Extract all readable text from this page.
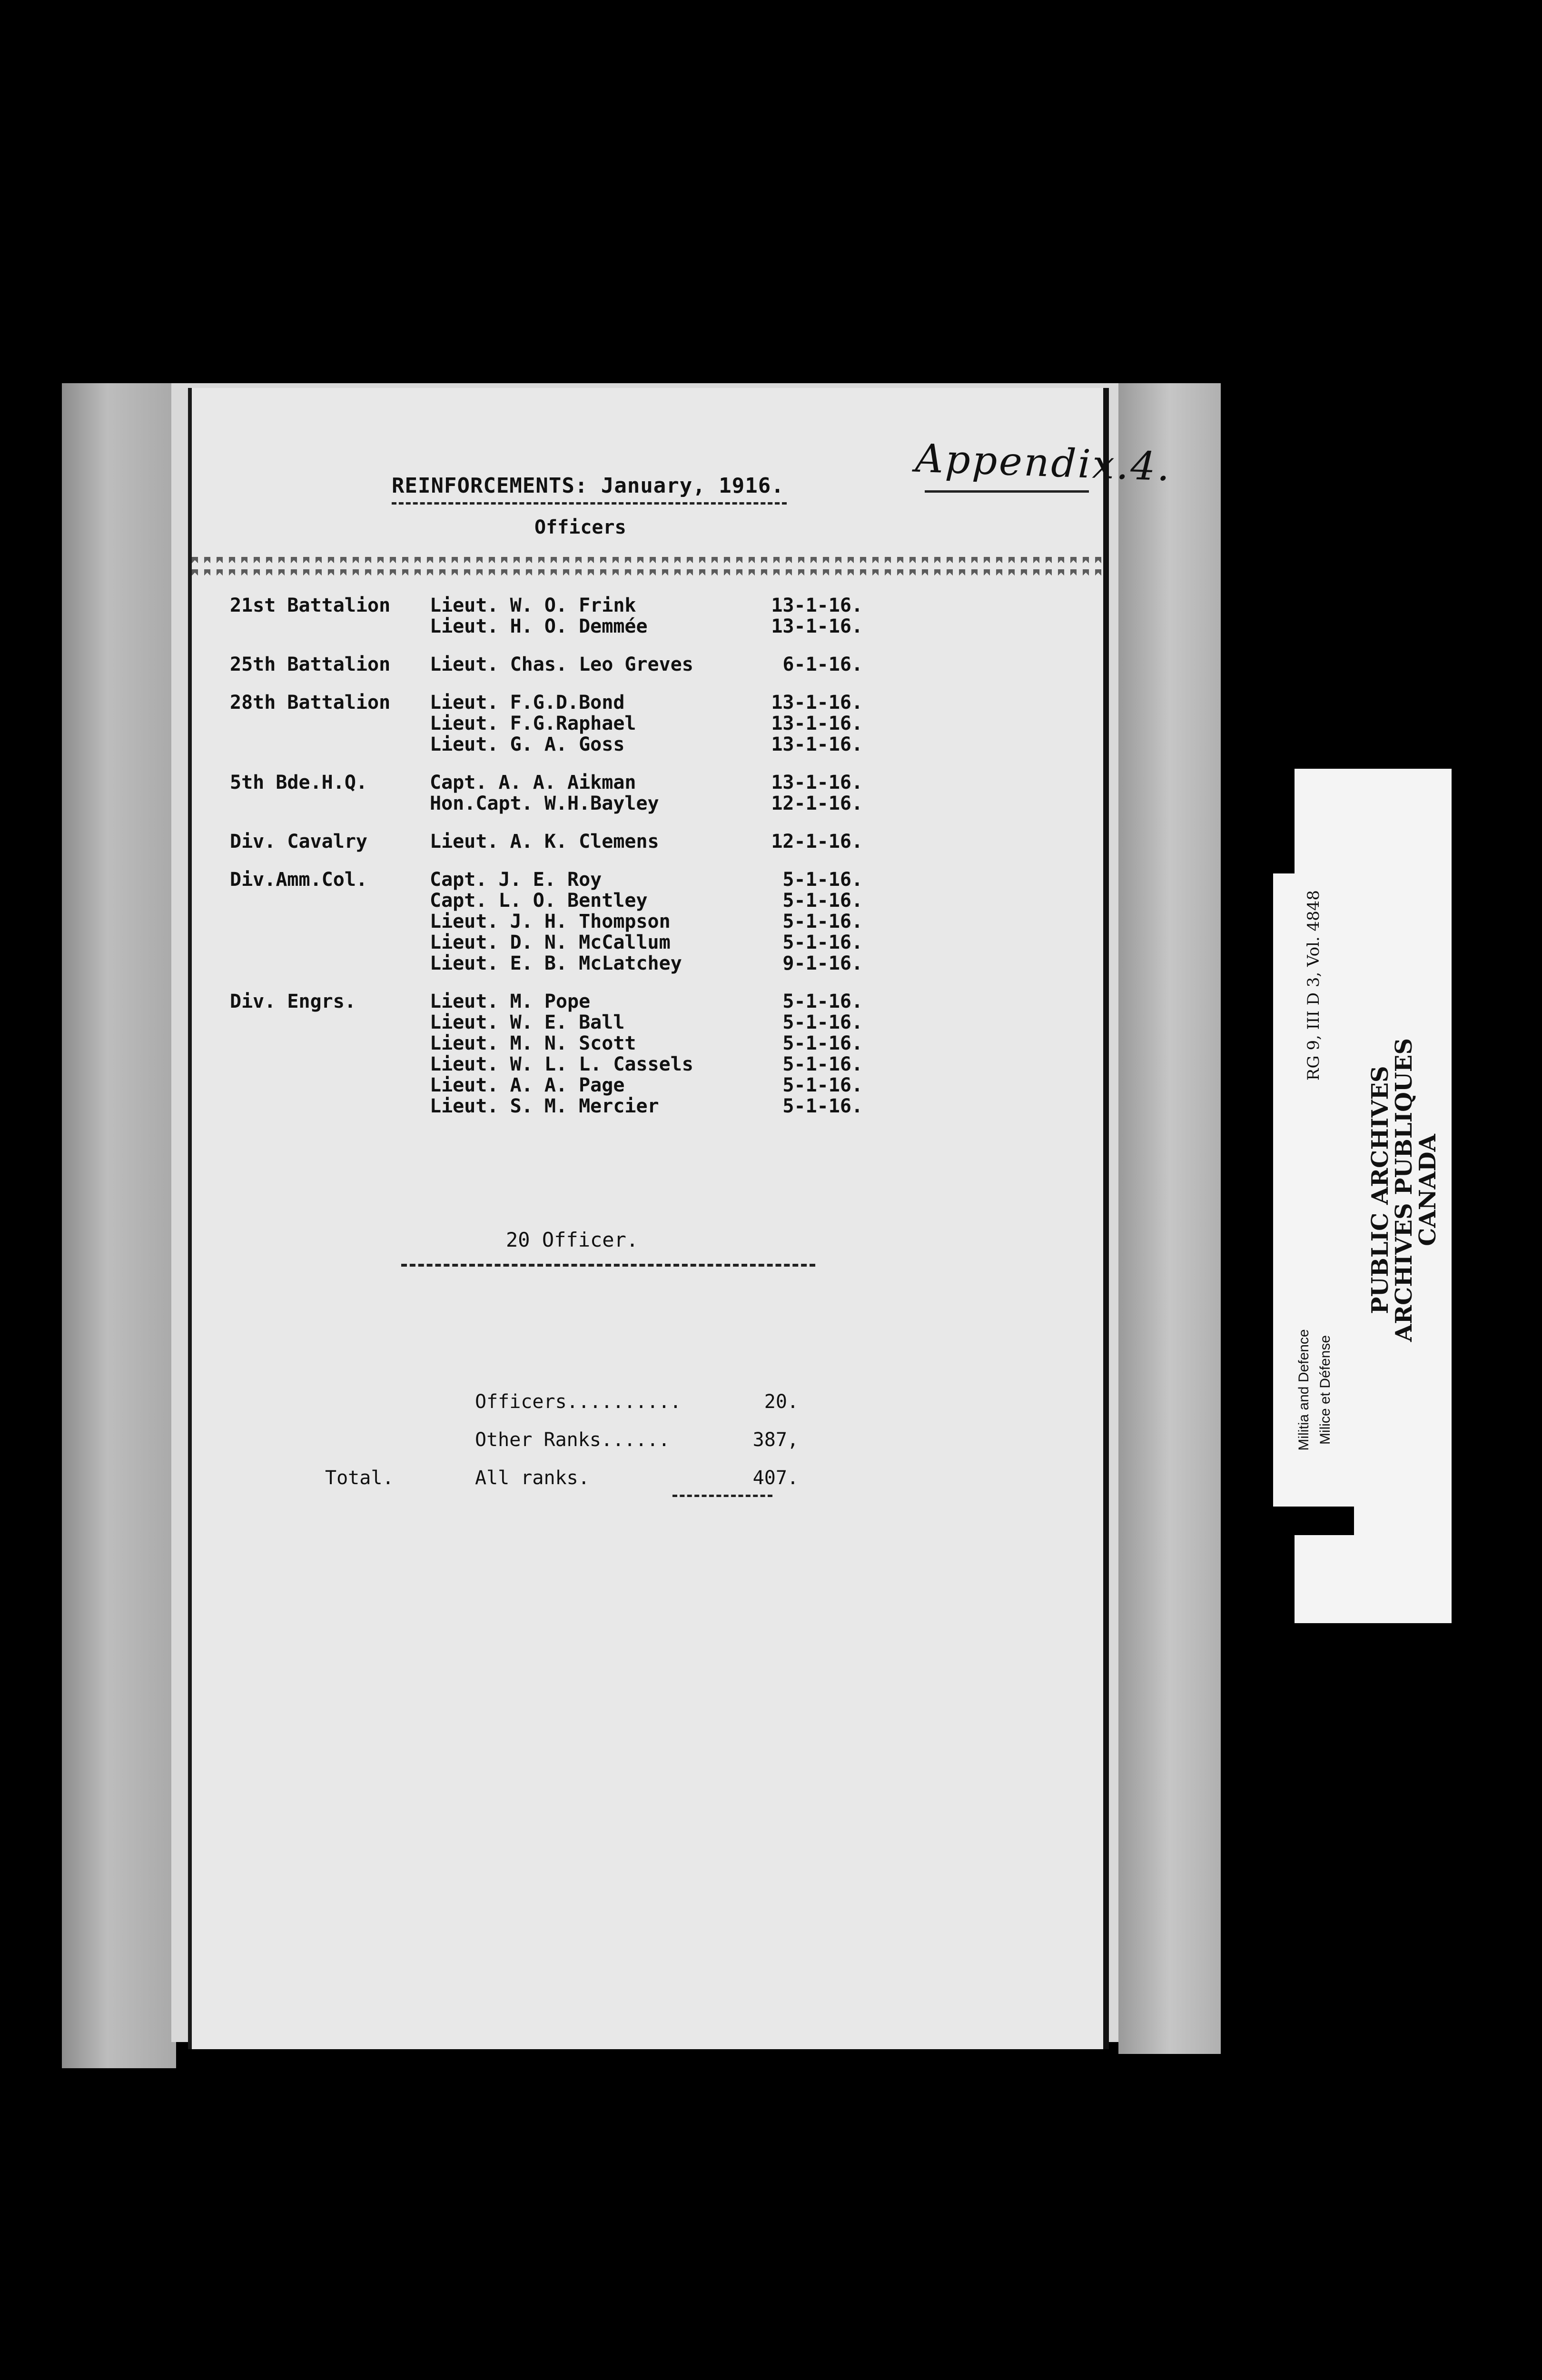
REINFORCEMENTS: January, 1916.	Appendix.4.
Officers
21st Battalion	Lieut. W. O. Frink	13-1-16.
Lieut. H. O. Demmée	13-1-16.
25th Battalion	Lieut. Chas. Leo Greves	6-1-16.
28th Battalion	Lieut. F.G.D.Bond	13-1-16.
Lieut. F.G.Raphael	13-1-16.
Lieut. G. A. Goss	13-1-16.
5th Bde.H.Q.	Capt. A. A. Aikman	13-1-16.
Hon.Capt. W.H.Bayley	12-1-16.
Div. Cavalry	Lieut. A. K. Clemens	12-1-16.
Div.Amm.Col.	Capt. J. E. Roy	5-1-16.
Capt. L. O. Bentley	5-1-16.
Lieut. J. H. Thompson	5-1-16.
Lieut. D. N. McCallum	5-1-16.
Lieut. E. B. McLatchey	9-1-16.
Div. Engrs.	Lieut. M. Pope	5-1-16.
Lieut. W. E. Ball	5-1-16.
Lieut. M. N. Scott	5-1-16.
Lieut. W. L. L. Cassels	5-1-16.
Lieut. A. A. Page	5-1-16.
Lieut. S. M. Mercier	5-1-16.
20 Officer.
Officers..........	20.
Other Ranks......	387,
Total.	All ranks.	407.
RG 9, III D 3, Vol. 4848
Militia and Defence Milice et Défense
PUBLIC ARCHIVES
ARCHIVES PUBLIQUES
CANADA
